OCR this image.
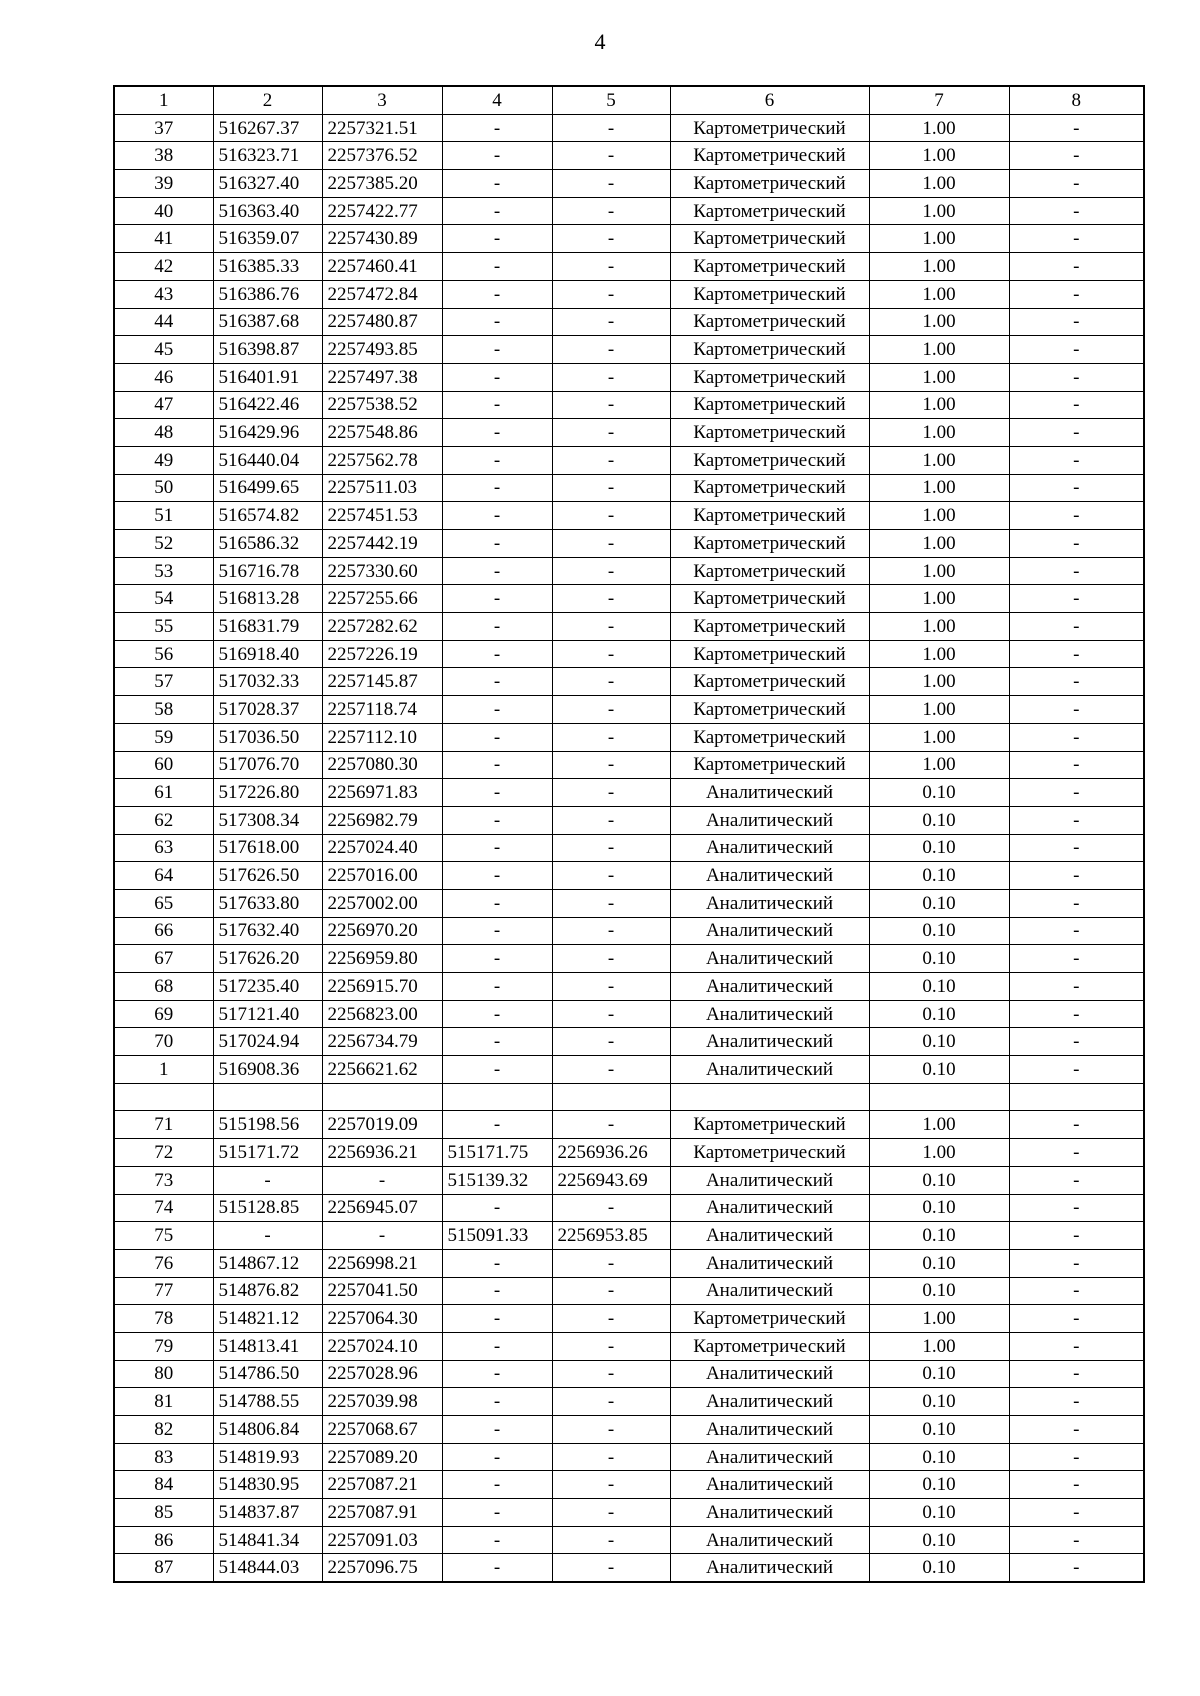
4
1	2	3	4	5	6	7	8
37	516267.37	2257321.51	-	-	Картометрический	1.00	-
38	516323.71	2257376.52	-	-	Картометрический	1.00	-
39	516327.40	2257385.20	-	-	Картометрический	1.00	-
40	516363.40	2257422.77	-	-	Картометрический	1.00	-
41	516359.07	2257430.89	-	-	Картометрический	1.00	-
42	516385.33	2257460.41	-	-	Картометрический	1.00	-
43	516386.76	2257472.84	-	-	Картометрический	1.00	-
44	516387.68	2257480.87	-	-	Картометрический	1.00	-
45	516398.87	2257493.85	-	-	Картометрический	1.00	-
46	516401.91	2257497.38	-	-	Картометрический	1.00	-
47	516422.46	2257538.52	-	-	Картометрический	1.00	-
48	516429.96	2257548.86	-	-	Картометрический	1.00	-
49	516440.04	2257562.78	-	-	Картометрический	1.00	-
50	516499.65	2257511.03	-	-	Картометрический	1.00	-
51	516574.82	2257451.53	-	-	Картометрический	1.00	-
52	516586.32	2257442.19	-	-	Картометрический	1.00	-
53	516716.78	2257330.60	-	-	Картометрический	1.00	-
54	516813.28	2257255.66	-	-	Картометрический	1.00	-
55	516831.79	2257282.62	-	-	Картометрический	1.00	-
56	516918.40	2257226.19	-	-	Картометрический	1.00	-
57	517032.33	2257145.87	-	-	Картометрический	1.00	-
58	517028.37	2257118.74	-	-	Картометрический	1.00	-
59	517036.50	2257112.10	-	-	Картометрический	1.00	-
60	517076.70	2257080.30	-	-	Картометрический	1.00	-
61	517226.80	2256971.83	-	-	Аналитический	0.10	-
62	517308.34	2256982.79	-	-	Аналитический	0.10	-
63	517618.00	2257024.40	-	-	Аналитический	0.10	-
64	517626.50	2257016.00	-	-	Аналитический	0.10	-
65	517633.80	2257002.00	-	-	Аналитический	0.10	-
66	517632.40	2256970.20	-	-	Аналитический	0.10	-
67	517626.20	2256959.80	-	-	Аналитический	0.10	-
68	517235.40	2256915.70	-	-	Аналитический	0.10	-
69	517121.40	2256823.00	-	-	Аналитический	0.10	-
70	517024.94	2256734.79	-	-	Аналитический	0.10	-
1	516908.36	2256621.62	-	-	Аналитический	0.10	-

71	515198.56	2257019.09	-	-	Картометрический	1.00	-
72	515171.72	2256936.21	515171.75	2256936.26	Картометрический	1.00	-
73	-	-	515139.32	2256943.69	Аналитический	0.10	-
74	515128.85	2256945.07	-	-	Аналитический	0.10	-
75	-	-	515091.33	2256953.85	Аналитический	0.10	-
76	514867.12	2256998.21	-	-	Аналитический	0.10	-
77	514876.82	2257041.50	-	-	Аналитический	0.10	-
78	514821.12	2257064.30	-	-	Картометрический	1.00	-
79	514813.41	2257024.10	-	-	Картометрический	1.00	-
80	514786.50	2257028.96	-	-	Аналитический	0.10	-
81	514788.55	2257039.98	-	-	Аналитический	0.10	-
82	514806.84	2257068.67	-	-	Аналитический	0.10	-
83	514819.93	2257089.20	-	-	Аналитический	0.10	-
84	514830.95	2257087.21	-	-	Аналитический	0.10	-
85	514837.87	2257087.91	-	-	Аналитический	0.10	-
86	514841.34	2257091.03	-	-	Аналитический	0.10	-
87	514844.03	2257096.75	-	-	Аналитический	0.10	-
